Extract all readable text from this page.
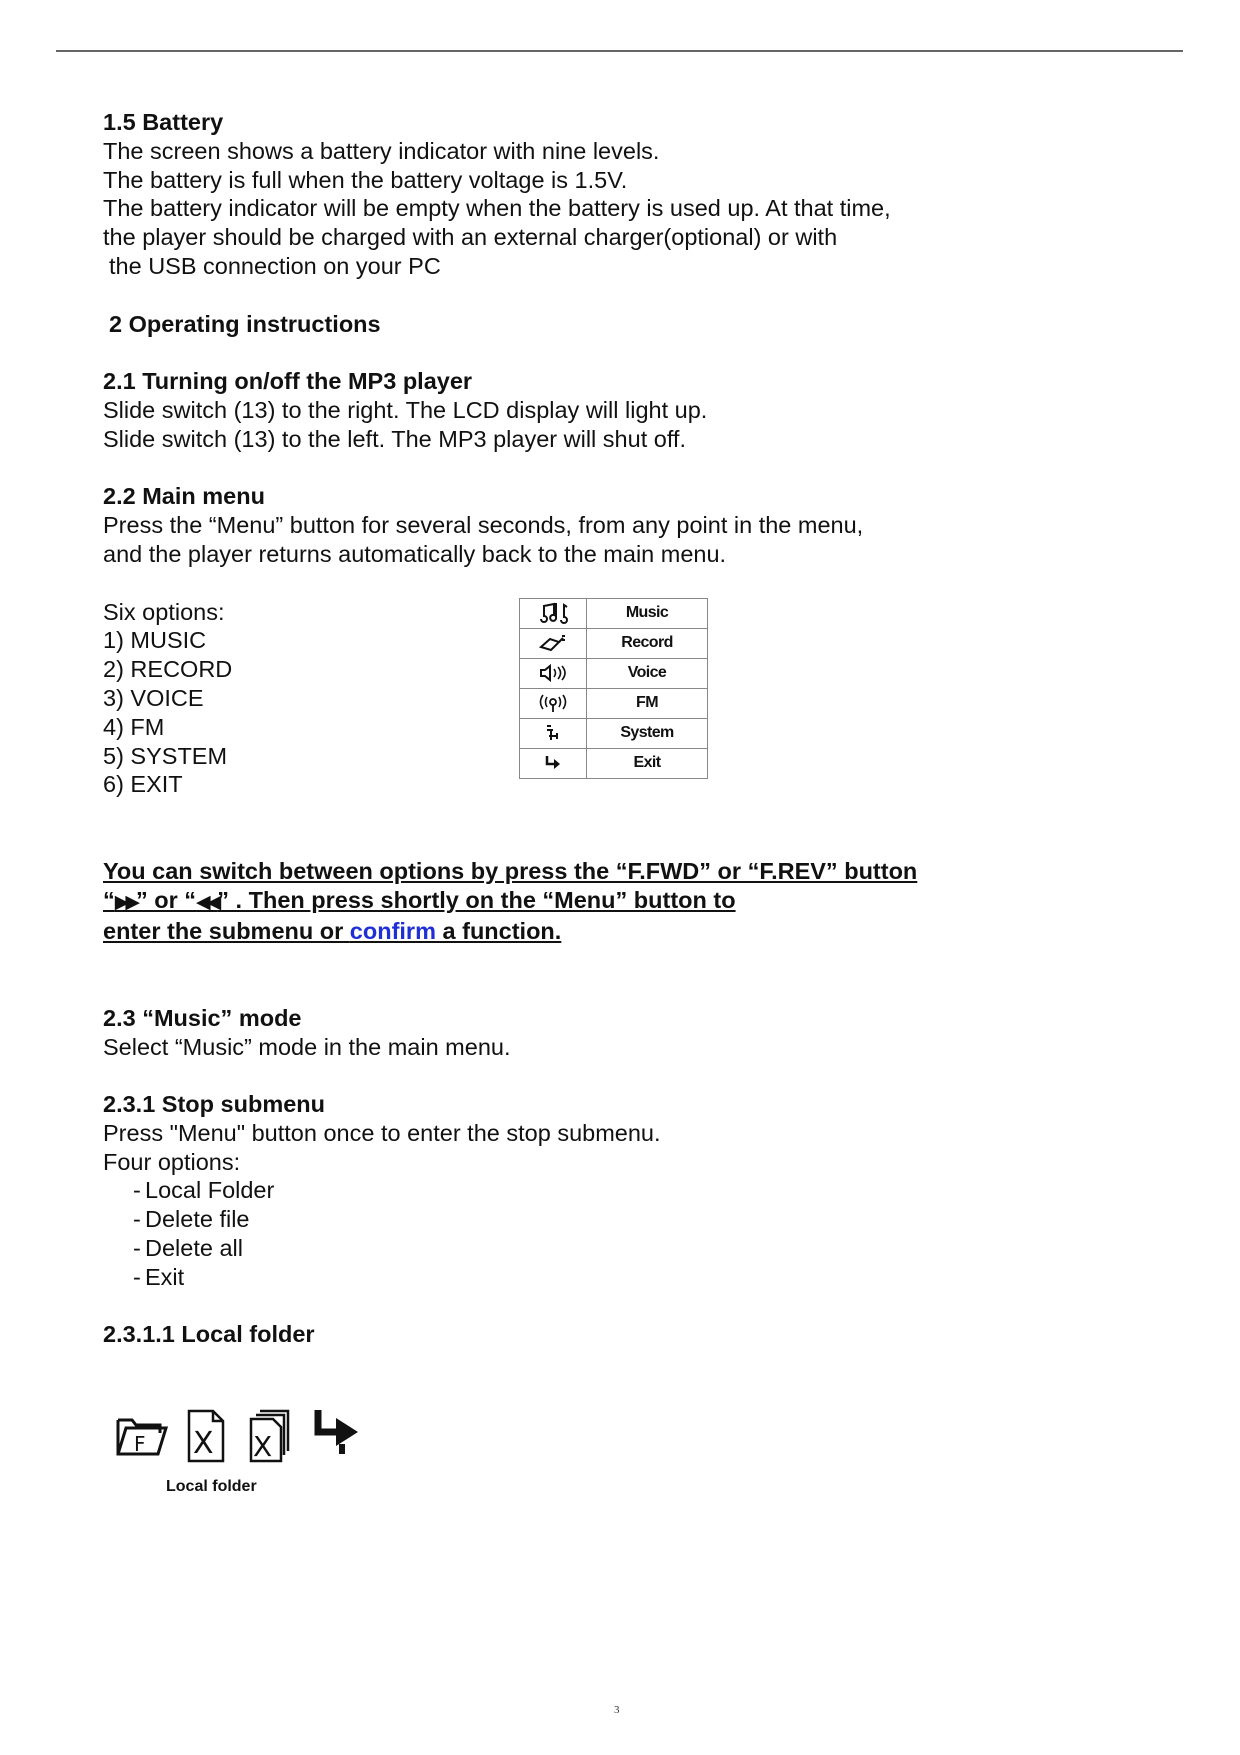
1.5 Battery

The screen shows a battery indicator with nine levels.

The battery is full when the battery voltage is 1.5V.

The battery indicator will be empty when the battery is used up. At that time,

the player should be charged with an external charger(optional) or with

the USB connection on your PC

2 Operating instructions

2.1 Turning on/off the MP3 player

Slide switch (13) to the right. The LCD display will light up.

Slide switch (13) to the left. The MP3 player will shut off.

2.2 Main menu

Press the “Menu” button for several seconds, from any point in the menu,

and the player returns automatically back to the main menu.

Six options:

1) MUSIC

2) RECORD

3) VOICE

4) FM

5) SYSTEM

6) EXIT

	Music

	Record

	Voice

	FM

	System

	Exit

You can switch between options by press the “F.FWD” or “F.REV” button

“▶▶” or “◀◀” . Then press shortly on the “Menu” button to

enter the submenu or confirm a function.

2.3 “Music” mode

Select “Music” mode in the main menu.

2.3.1 Stop submenu

Press "Menu" button once to enter the stop submenu.

Four options:

- Local Folder

- Delete file

- Delete all

- Exit

2.3.1.1 Local folder

F X X
Local folder
3
